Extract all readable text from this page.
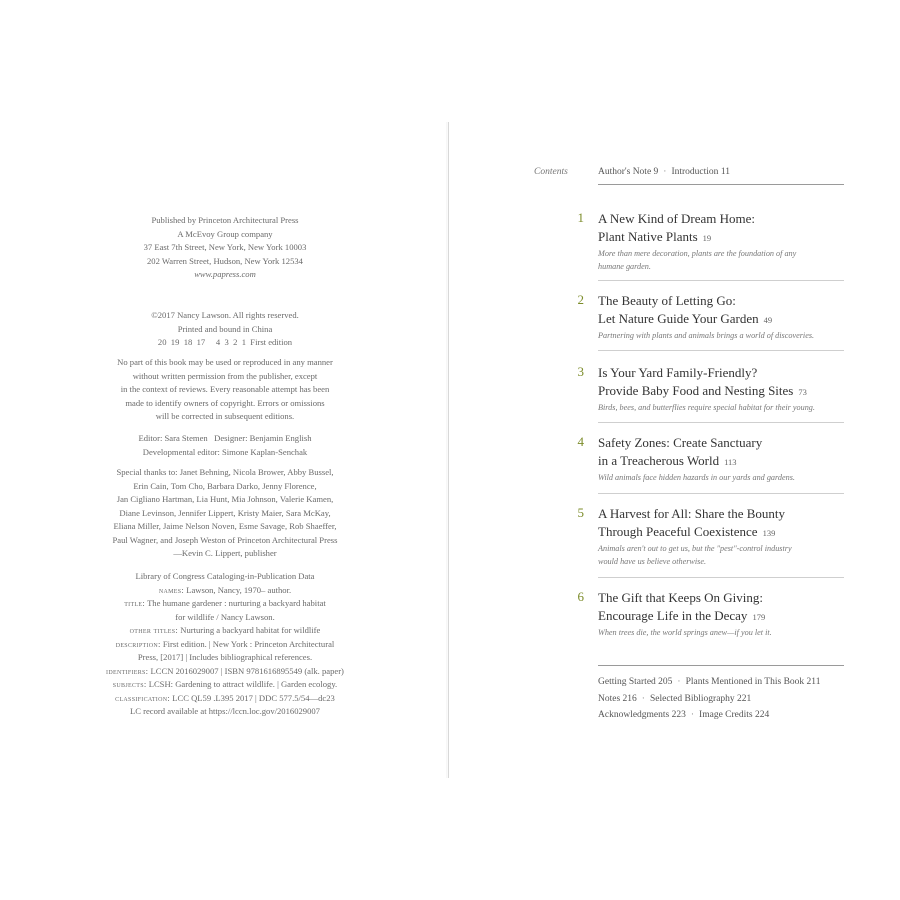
Published by Princeton Architectural Press
A McEvoy Group company
37 East 7th Street, New York, New York 10003
202 Warren Street, Hudson, New York 12534
www.papress.com
©2017 Nancy Lawson. All rights reserved.
Printed and bound in China
20  19  18  17     4  3  2  1  First edition
No part of this book may be used or reproduced in any manner
without written permission from the publisher, except
in the context of reviews. Every reasonable attempt has been
made to identify owners of copyright. Errors or omissions
will be corrected in subsequent editions.
Editor: Sara Stemen   Designer: Benjamin English
Developmental editor: Simone Kaplan-Senchak
Special thanks to: Janet Behning, Nicola Brower, Abby Bussel,
Erin Cain, Tom Cho, Barbara Darko, Jenny Florence,
Jan Cigliano Hartman, Lia Hunt, Mia Johnson, Valerie Kamen,
Diane Levinson, Jennifer Lippert, Kristy Maier, Sara McKay,
Eliana Miller, Jaime Nelson Noven, Esme Savage, Rob Shaeffer,
Paul Wagner, and Joseph Weston of Princeton Architectural Press
—Kevin C. Lippert, publisher
Library of Congress Cataloging-in-Publication Data
names: Lawson, Nancy, 1970– author.
title: The humane gardener : nurturing a backyard habitat
for wildlife / Nancy Lawson.
other titles: Nurturing a backyard habitat for wildlife
description: First edition. | New York : Princeton Architectural
Press, [2017] | Includes bibliographical references.
identifiers: LCCN 2016029007 | ISBN 9781616895549 (alk. paper)
subjects: LCSH: Gardening to attract wildlife. | Garden ecology.
classification: LCC QL59 .L395 2017 | DDC 577.5/54—dc23
LC record available at https://lccn.loc.gov/2016029007
Contents	Author's Note 9 · Introduction 11
1 A New Kind of Dream Home:
Plant Native Plants 19
More than mere decoration, plants are the foundation of any
humane garden.
2 The Beauty of Letting Go:
Let Nature Guide Your Garden 49
Partnering with plants and animals brings a world of discoveries.
3 Is Your Yard Family-Friendly?
Provide Baby Food and Nesting Sites 73
Birds, bees, and butterflies require special habitat for their young.
4 Safety Zones: Create Sanctuary
in a Treacherous World 113
Wild animals face hidden hazards in our yards and gardens.
5 A Harvest for All: Share the Bounty
Through Peaceful Coexistence 139
Animals aren't out to get us, but the "pest"-control industry
would have us believe otherwise.
6 The Gift that Keeps On Giving:
Encourage Life in the Decay 179
When trees die, the world springs anew—if you let it.
Getting Started 205 · Plants Mentioned in This Book 211
Notes 216 · Selected Bibliography 221
Acknowledgments 223 · Image Credits 224
